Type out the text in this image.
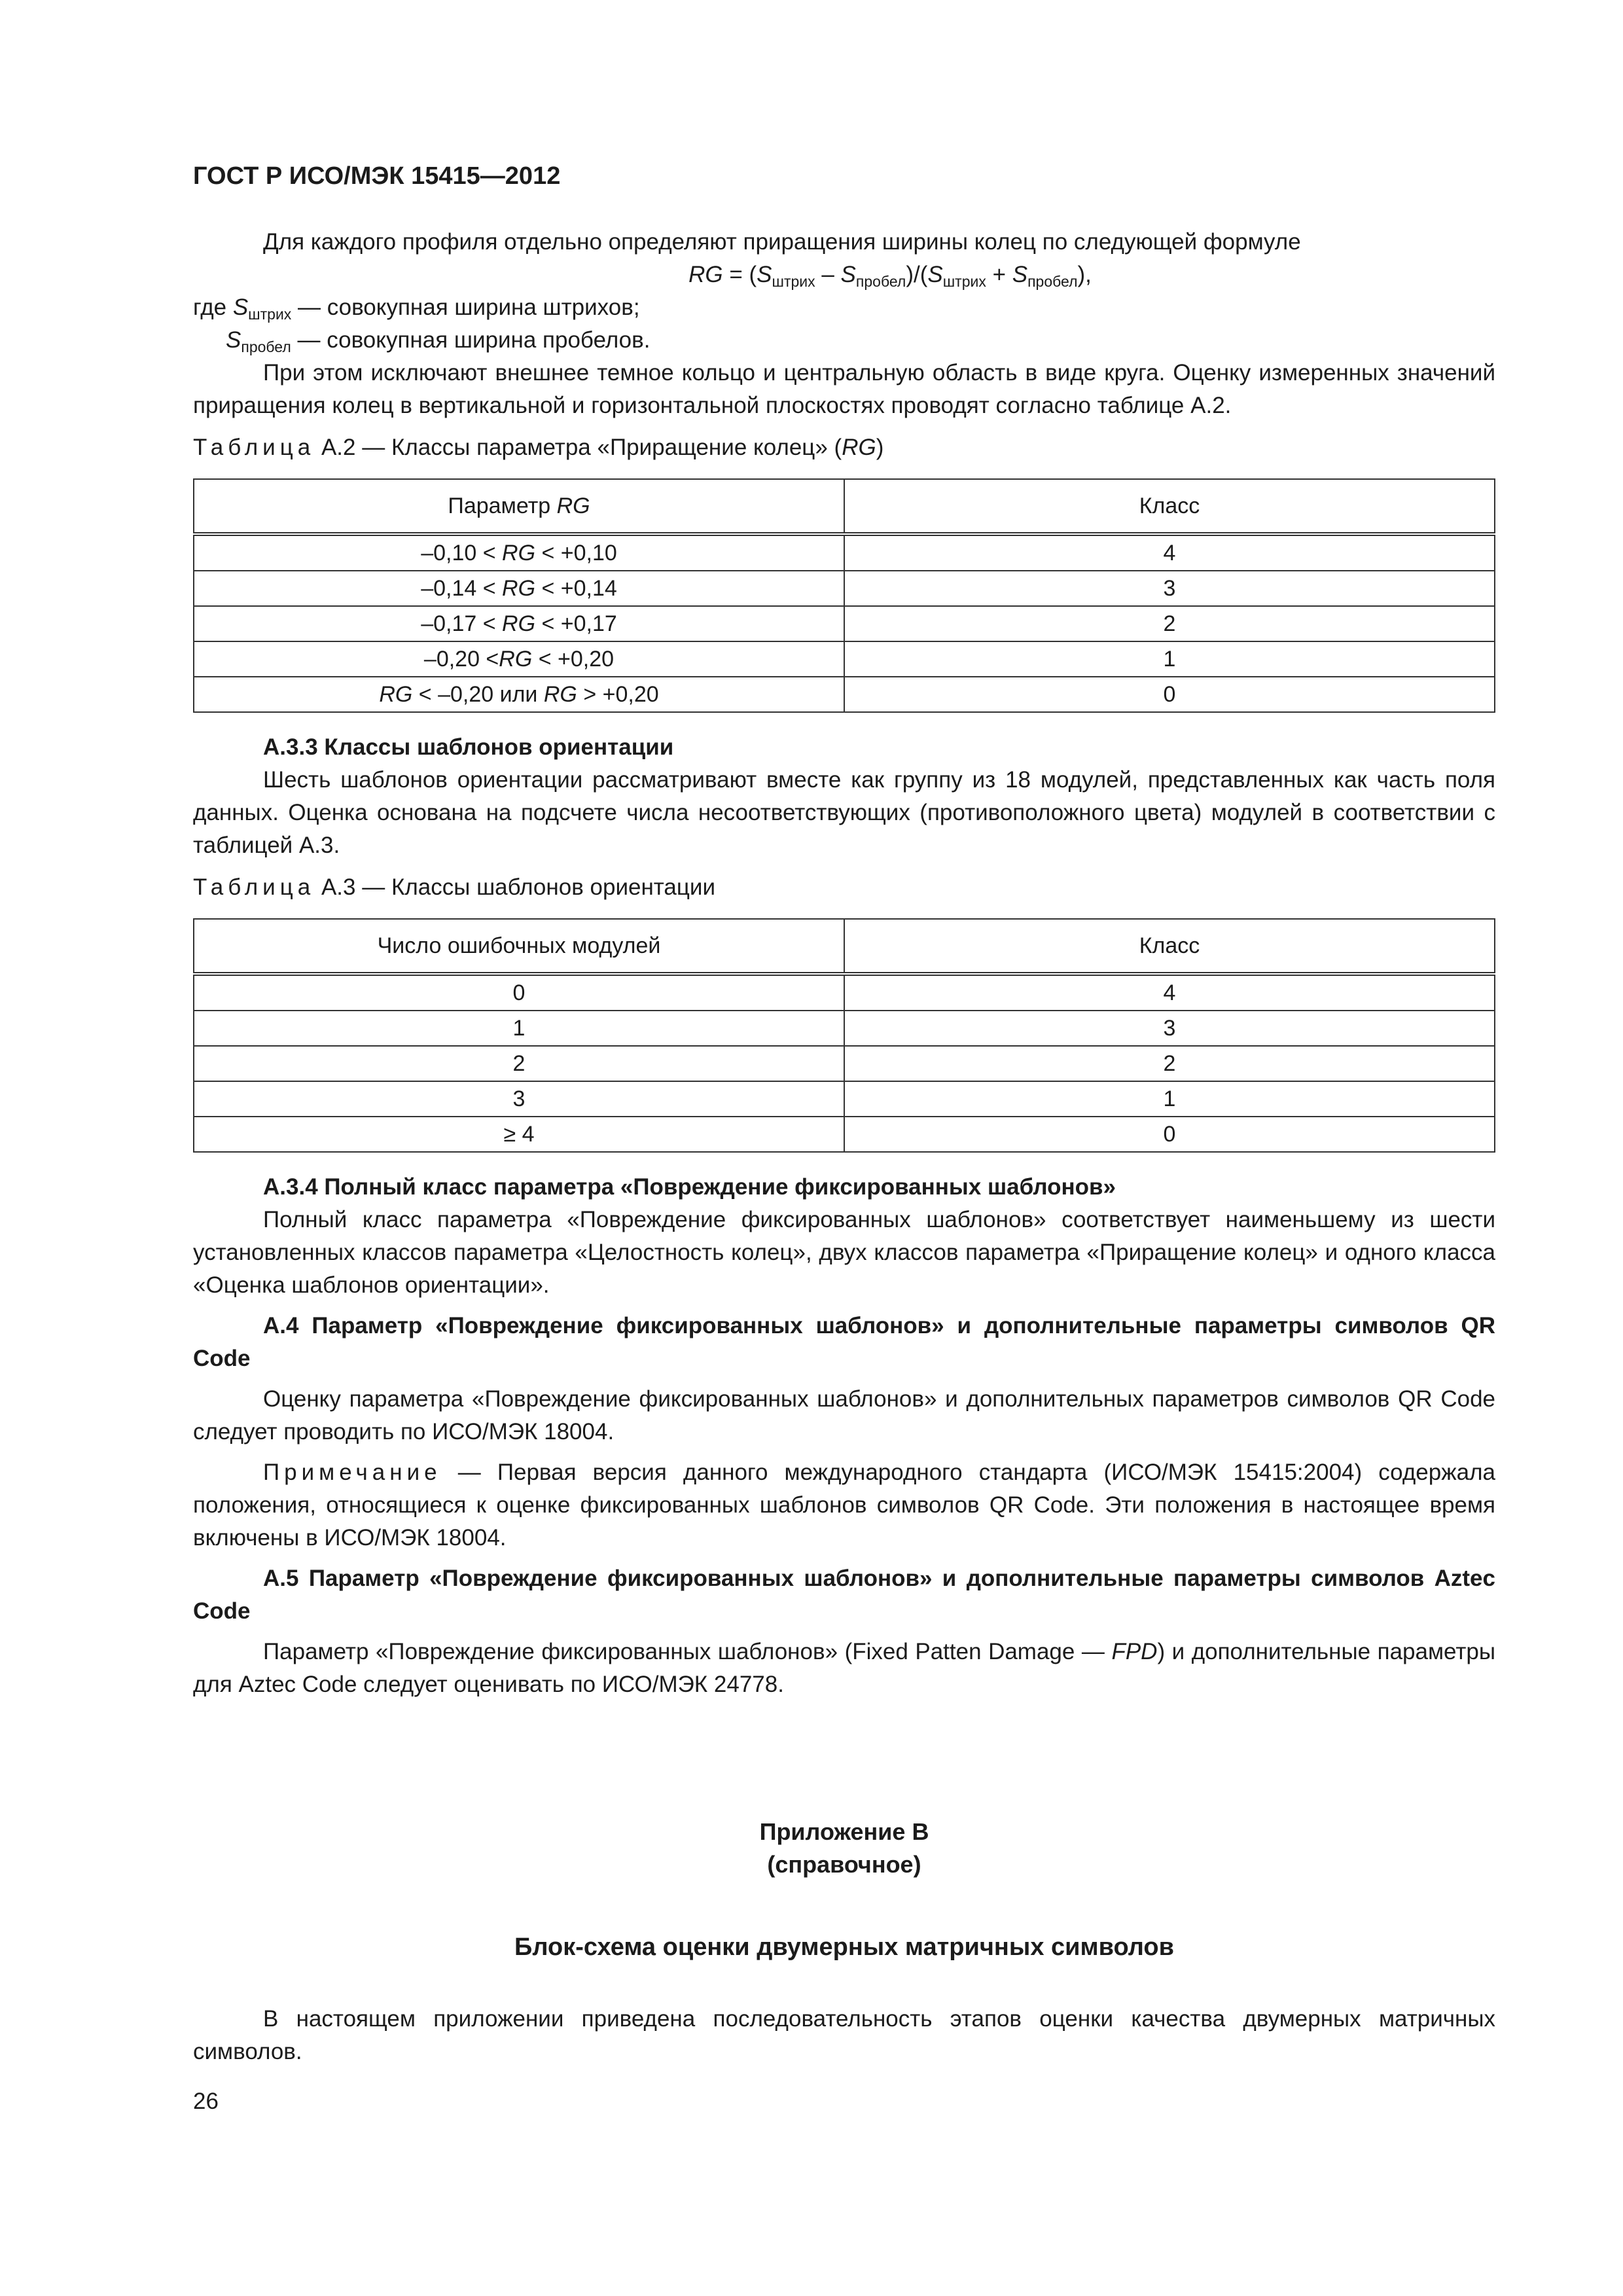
ГОСТ Р ИСО/МЭК 15415—2012

Для каждого профиля отдельно определяют приращения ширины колец по следующей формуле

RG = $(S_{штрих} - S_{пробел})/(S_{штрих} + S_{пробел})$,

где $S_{штрих}$ — совокупная ширина штрихов;

$S_{пробел}$ — совокупная ширина пробелов.

При этом исключают внешнее темное кольцо и центральную область в виде круга. Оценку измеренных значений приращения колец в вертикальной и горизонтальной плоскостях проводят согласно таблице А.2.

Таблица А.2 — Классы параметра «Приращение колец» (RG)

Параметр RG	Класс
–0,10 < RG < +0,10	4
–0,14 < RG < +0,14	3
–0,17 < RG < +0,17	2
–0,20 <RG < +0,20	1
RG < –0,20 или RG > +0,20	0

А.3.3 Классы шаблонов ориентации

Шесть шаблонов ориентации рассматривают вместе как группу из 18 модулей, представленных как часть поля данных. Оценка основана на подсчете числа несоответствующих (противоположного цвета) модулей в соответствии с таблицей А.3.

Таблица А.3 — Классы шаблонов ориентации

Число ошибочных модулей	Класс
0	4
1	3
2	2
3	1
≥ 4	0

А.3.4 Полный класс параметра «Повреждение фиксированных шаблонов»

Полный класс параметра «Повреждение фиксированных шаблонов» соответствует наименьшему из шести установленных классов параметра «Целостность колец», двух классов параметра «Приращение колец» и одного класса «Оценка шаблонов ориентации».

А.4 Параметр «Повреждение фиксированных шаблонов» и дополнительные параметры символов QR Code

Оценку параметра «Повреждение фиксированных шаблонов» и дополнительных параметров символов QR Code следует проводить по ИСО/МЭК 18004.

Примечание — Первая версия данного международного стандарта (ИСО/МЭК 15415:2004) содержала положения, относящиеся к оценке фиксированных шаблонов символов QR Code. Эти положения в настоящее время включены в ИСО/МЭК 18004.

А.5 Параметр «Повреждение фиксированных шаблонов» и дополнительные параметры символов Aztec Code

Параметр «Повреждение фиксированных шаблонов» (Fixed Patten Damage — FPD) и дополнительные параметры для Aztec Code следует оценивать по ИСО/МЭК 24778.

Приложение В
(справочное)
Блок-схема оценки двумерных матричных символов

В настоящем приложении приведена последовательность этапов оценки качества двумерных матричных символов.

26
